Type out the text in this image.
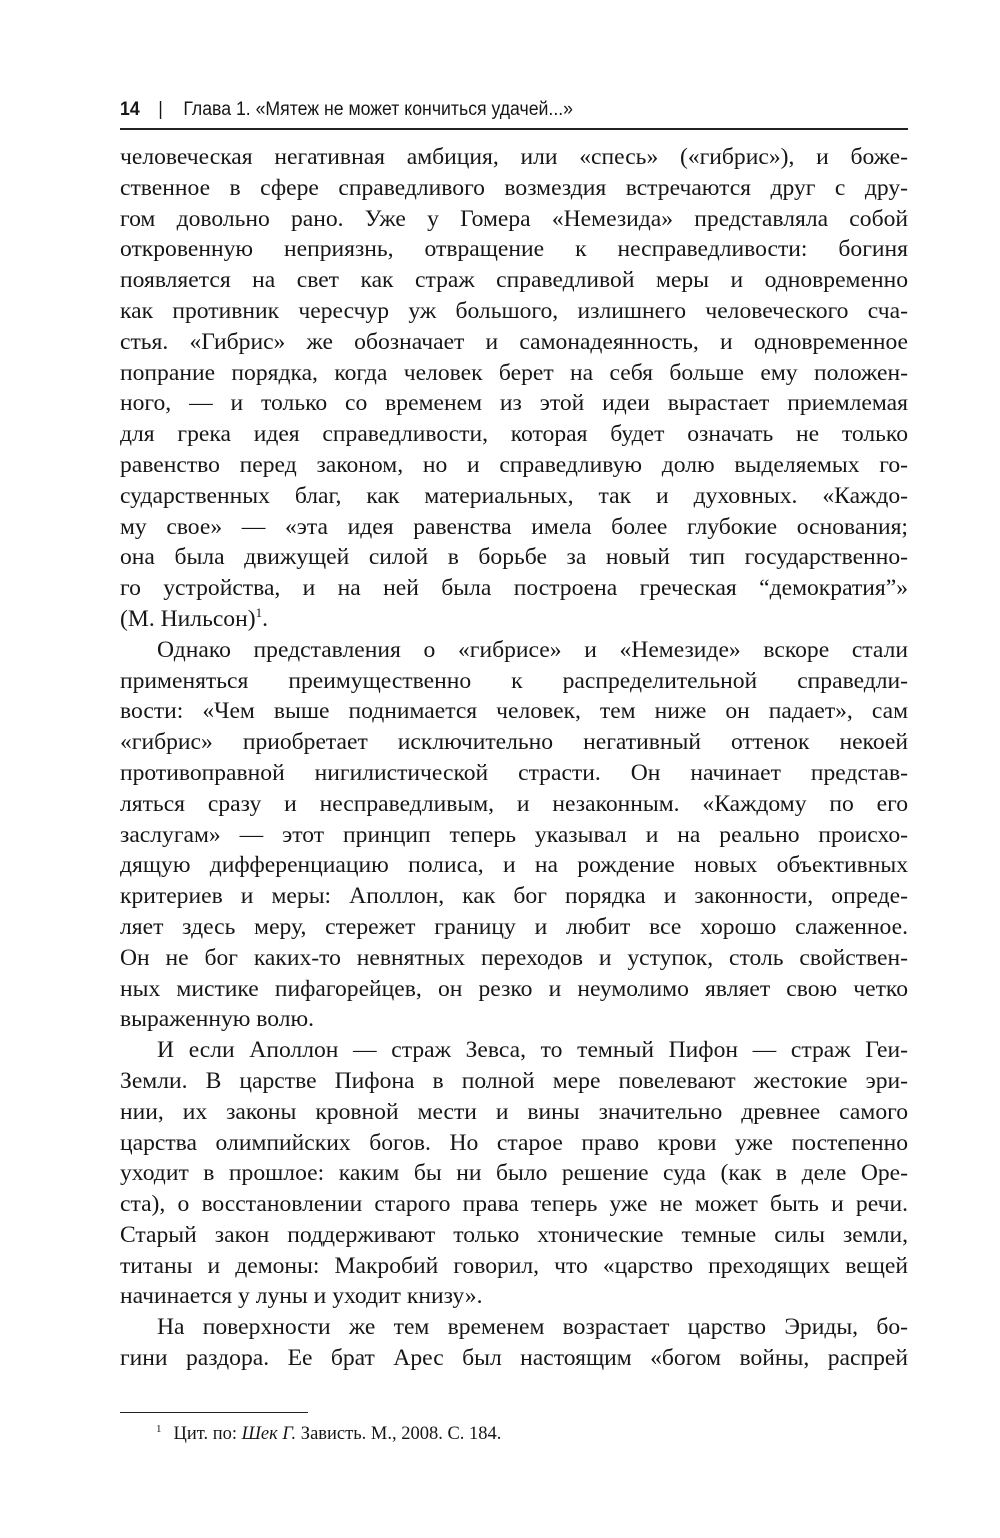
14 | Глава 1. «Мятеж не может кончиться удачей...»

человеческая негативная амбиция, или «спесь» («гибрис»), и боже-

ственное в сфере справедливого возмездия встречаются друг с дру-

гом довольно рано. Уже у Гомера «Немезида» представляла собой

откровенную неприязнь, отвращение к несправедливости: богиня

появляется на свет как страж справедливой меры и одновременно

как противник чересчур уж большого, излишнего человеческого сча-

стья. «Гибрис» же обозначает и самонадеянность, и одновременное

попрание порядка, когда человек берет на себя больше ему положен-

ного, — и только со временем из этой идеи вырастает приемлемая

для грека идея справедливости, которая будет означать не только

равенство перед законом, но и справедливую долю выделяемых го-

сударственных благ, как материальных, так и духовных. «Каждо-

му свое» — «эта идея равенства имела более глубокие основания;

она была движущей силой в борьбе за новый тип государственно-

го устройства, и на ней была построена греческая “демократия”»

(М. Нильсон)$^1$.

Однако представления о «гибрисе» и «Немезиде» вскоре стали

применяться преимущественно к распределительной справедли-

вости: «Чем выше поднимается человек, тем ниже он падает», сам

«гибрис» приобретает исключительно негативный оттенок некоей

противоправной нигилистической страсти. Он начинает представ-

ляться сразу и несправедливым, и незаконным. «Каждому по его

заслугам» — этот принцип теперь указывал и на реально происхо-

дящую дифференциацию полиса, и на рождение новых объективных

критериев и меры: Аполлон, как бог порядка и законности, опреде-

ляет здесь меру, стережет границу и любит все хорошо слаженное.

Он не бог каких-то невнятных переходов и уступок, столь свойствен-

ных мистике пифагорейцев, он резко и неумолимо являет свою четко

выраженную волю.

И если Аполлон — страж Зевса, то темный Пифон — страж Геи-

Земли. В царстве Пифона в полной мере повелевают жестокие эри-

нии, их законы кровной мести и вины значительно древнее самого

царства олимпийских богов. Но старое право крови уже постепенно

уходит в прошлое: каким бы ни было решение суда (как в деле Оре-

ста), о восстановлении старого права теперь уже не может быть и речи.

Старый закон поддерживают только хтонические темные силы земли,

титаны и демоны: Макробий говорил, что «царство преходящих вещей

начинается у луны и уходит книзу».

На поверхности же тем временем возрастает царство Эриды, бо-

гини раздора. Ее брат Арес был настоящим «богом войны, распрей

$^1$ Цит. по: Шек Г. Зависть. М., 2008. С. 184.
